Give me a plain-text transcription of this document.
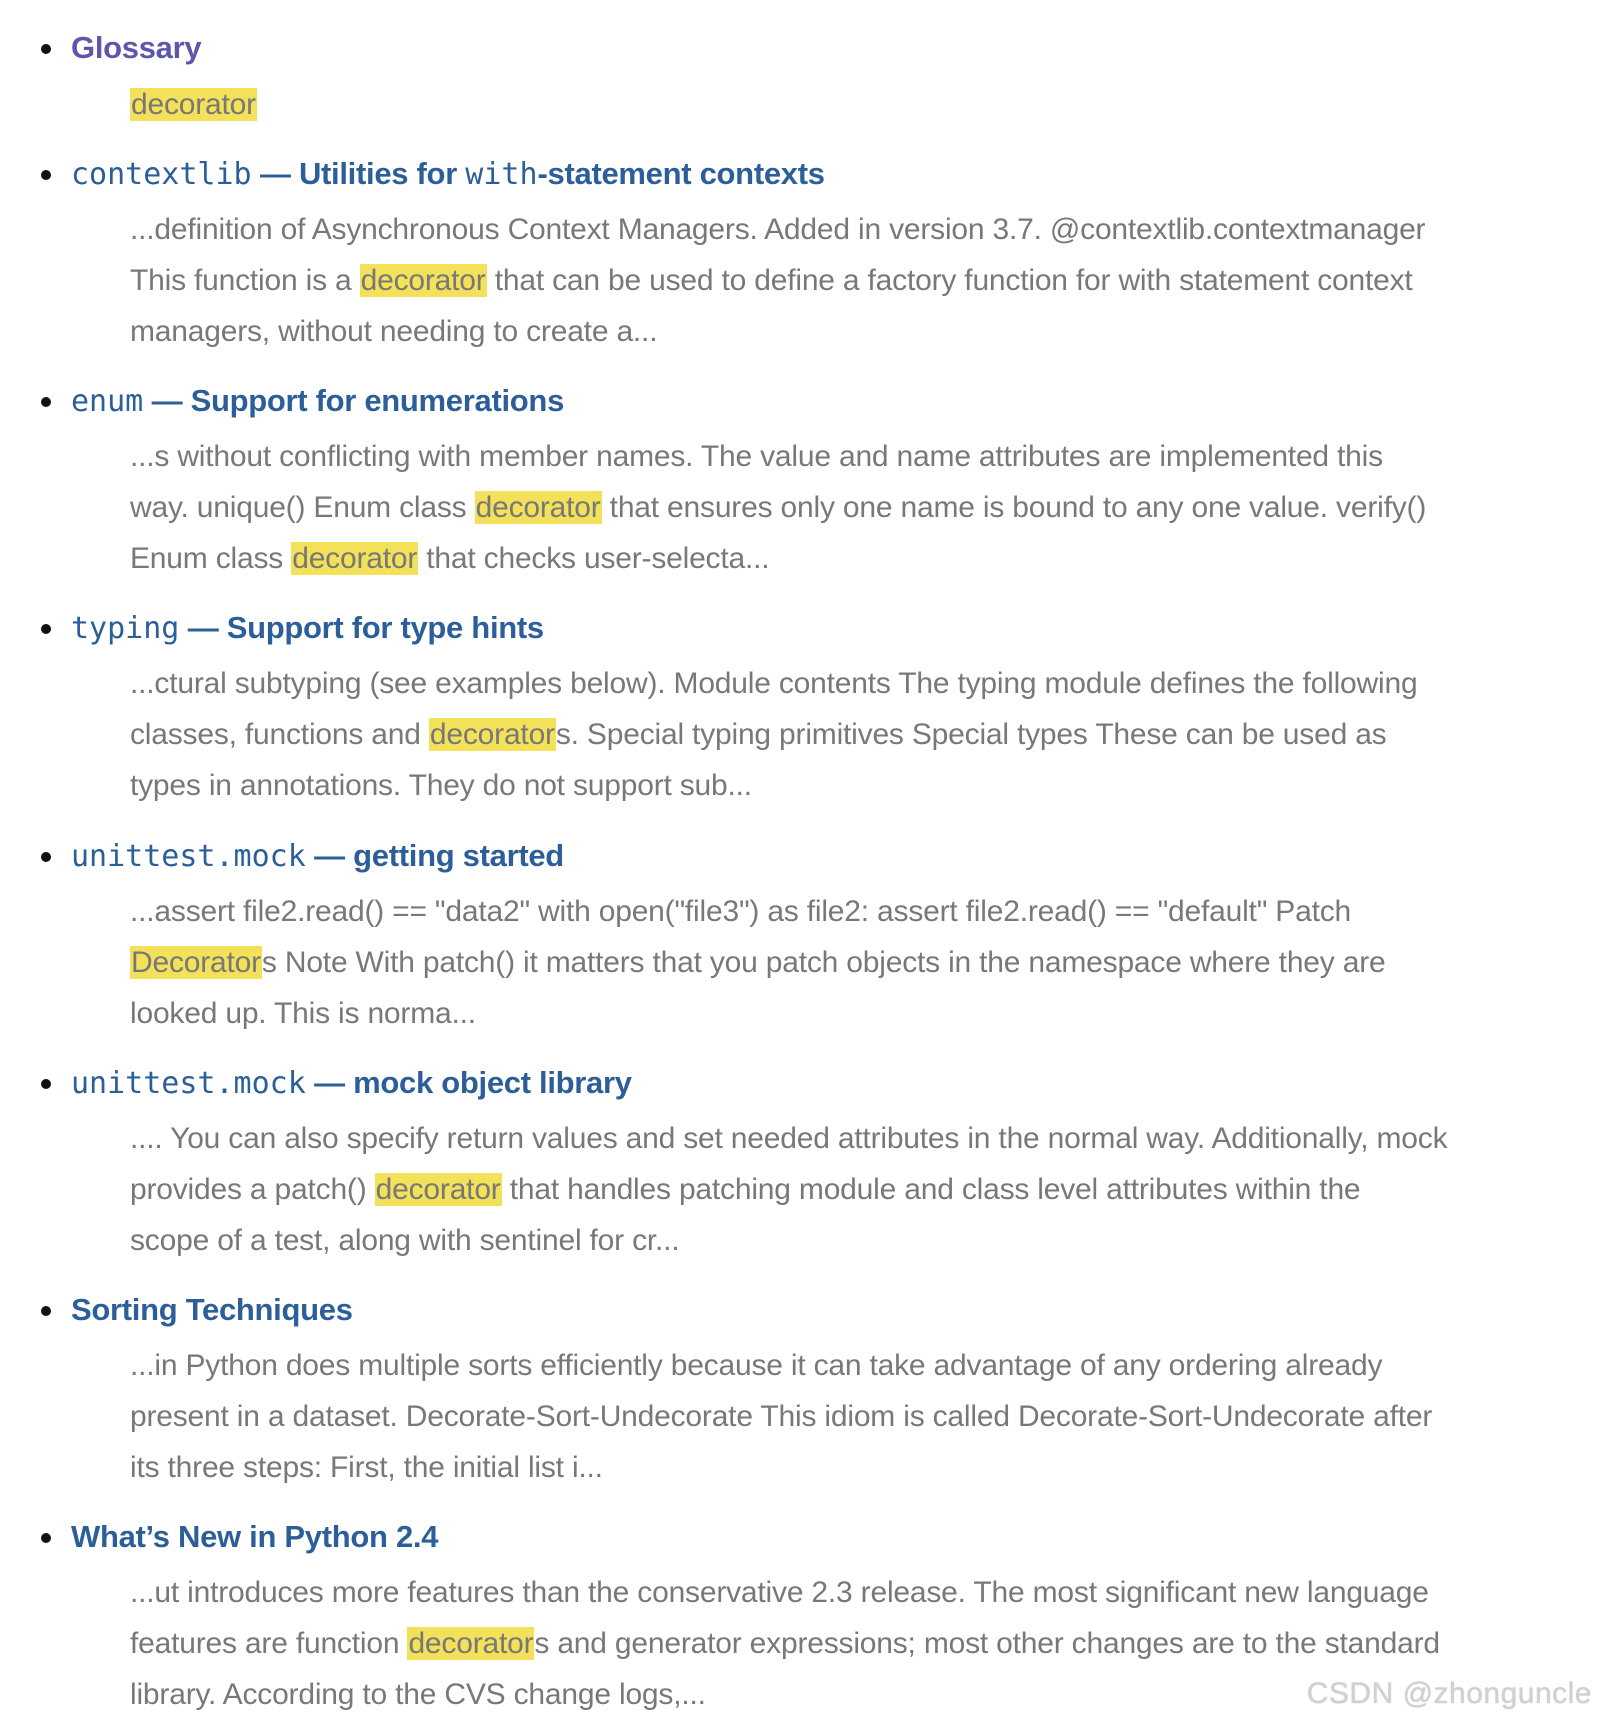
Glossary
decorator
contextlib — Utilities for with-statement contexts
...definition of Asynchronous Context Managers. Added in version 3.7. @contextlib.contextmanager
This function is a decorator that can be used to define a factory function for with statement context
managers, without needing to create a...
enum — Support for enumerations
...s without conflicting with member names. The value and name attributes are implemented this
way. unique() Enum class decorator that ensures only one name is bound to any one value. verify()
Enum class decorator that checks user-selecta...
typing — Support for type hints
...ctural subtyping (see examples below). Module contents The typing module defines the following
classes, functions and decorators. Special typing primitives Special types These can be used as
types in annotations. They do not support sub...
unittest.mock — getting started
...assert file2.read() == "data2" with open("file3") as file2: assert file2.read() == "default" Patch
Decorators Note With patch() it matters that you patch objects in the namespace where they are
looked up. This is norma...
unittest.mock — mock object library
.... You can also specify return values and set needed attributes in the normal way. Additionally, mock
provides a patch() decorator that handles patching module and class level attributes within the
scope of a test, along with sentinel for cr...
Sorting Techniques
...in Python does multiple sorts efficiently because it can take advantage of any ordering already
present in a dataset. Decorate-Sort-Undecorate This idiom is called Decorate-Sort-Undecorate after
its three steps: First, the initial list i...
What’s New in Python 2.4
...ut introduces more features than the conservative 2.3 release. The most significant new language
features are function decorators and generator expressions; most other changes are to the standard
library. According to the CVS change logs,...	CSDN @zhonguncle
